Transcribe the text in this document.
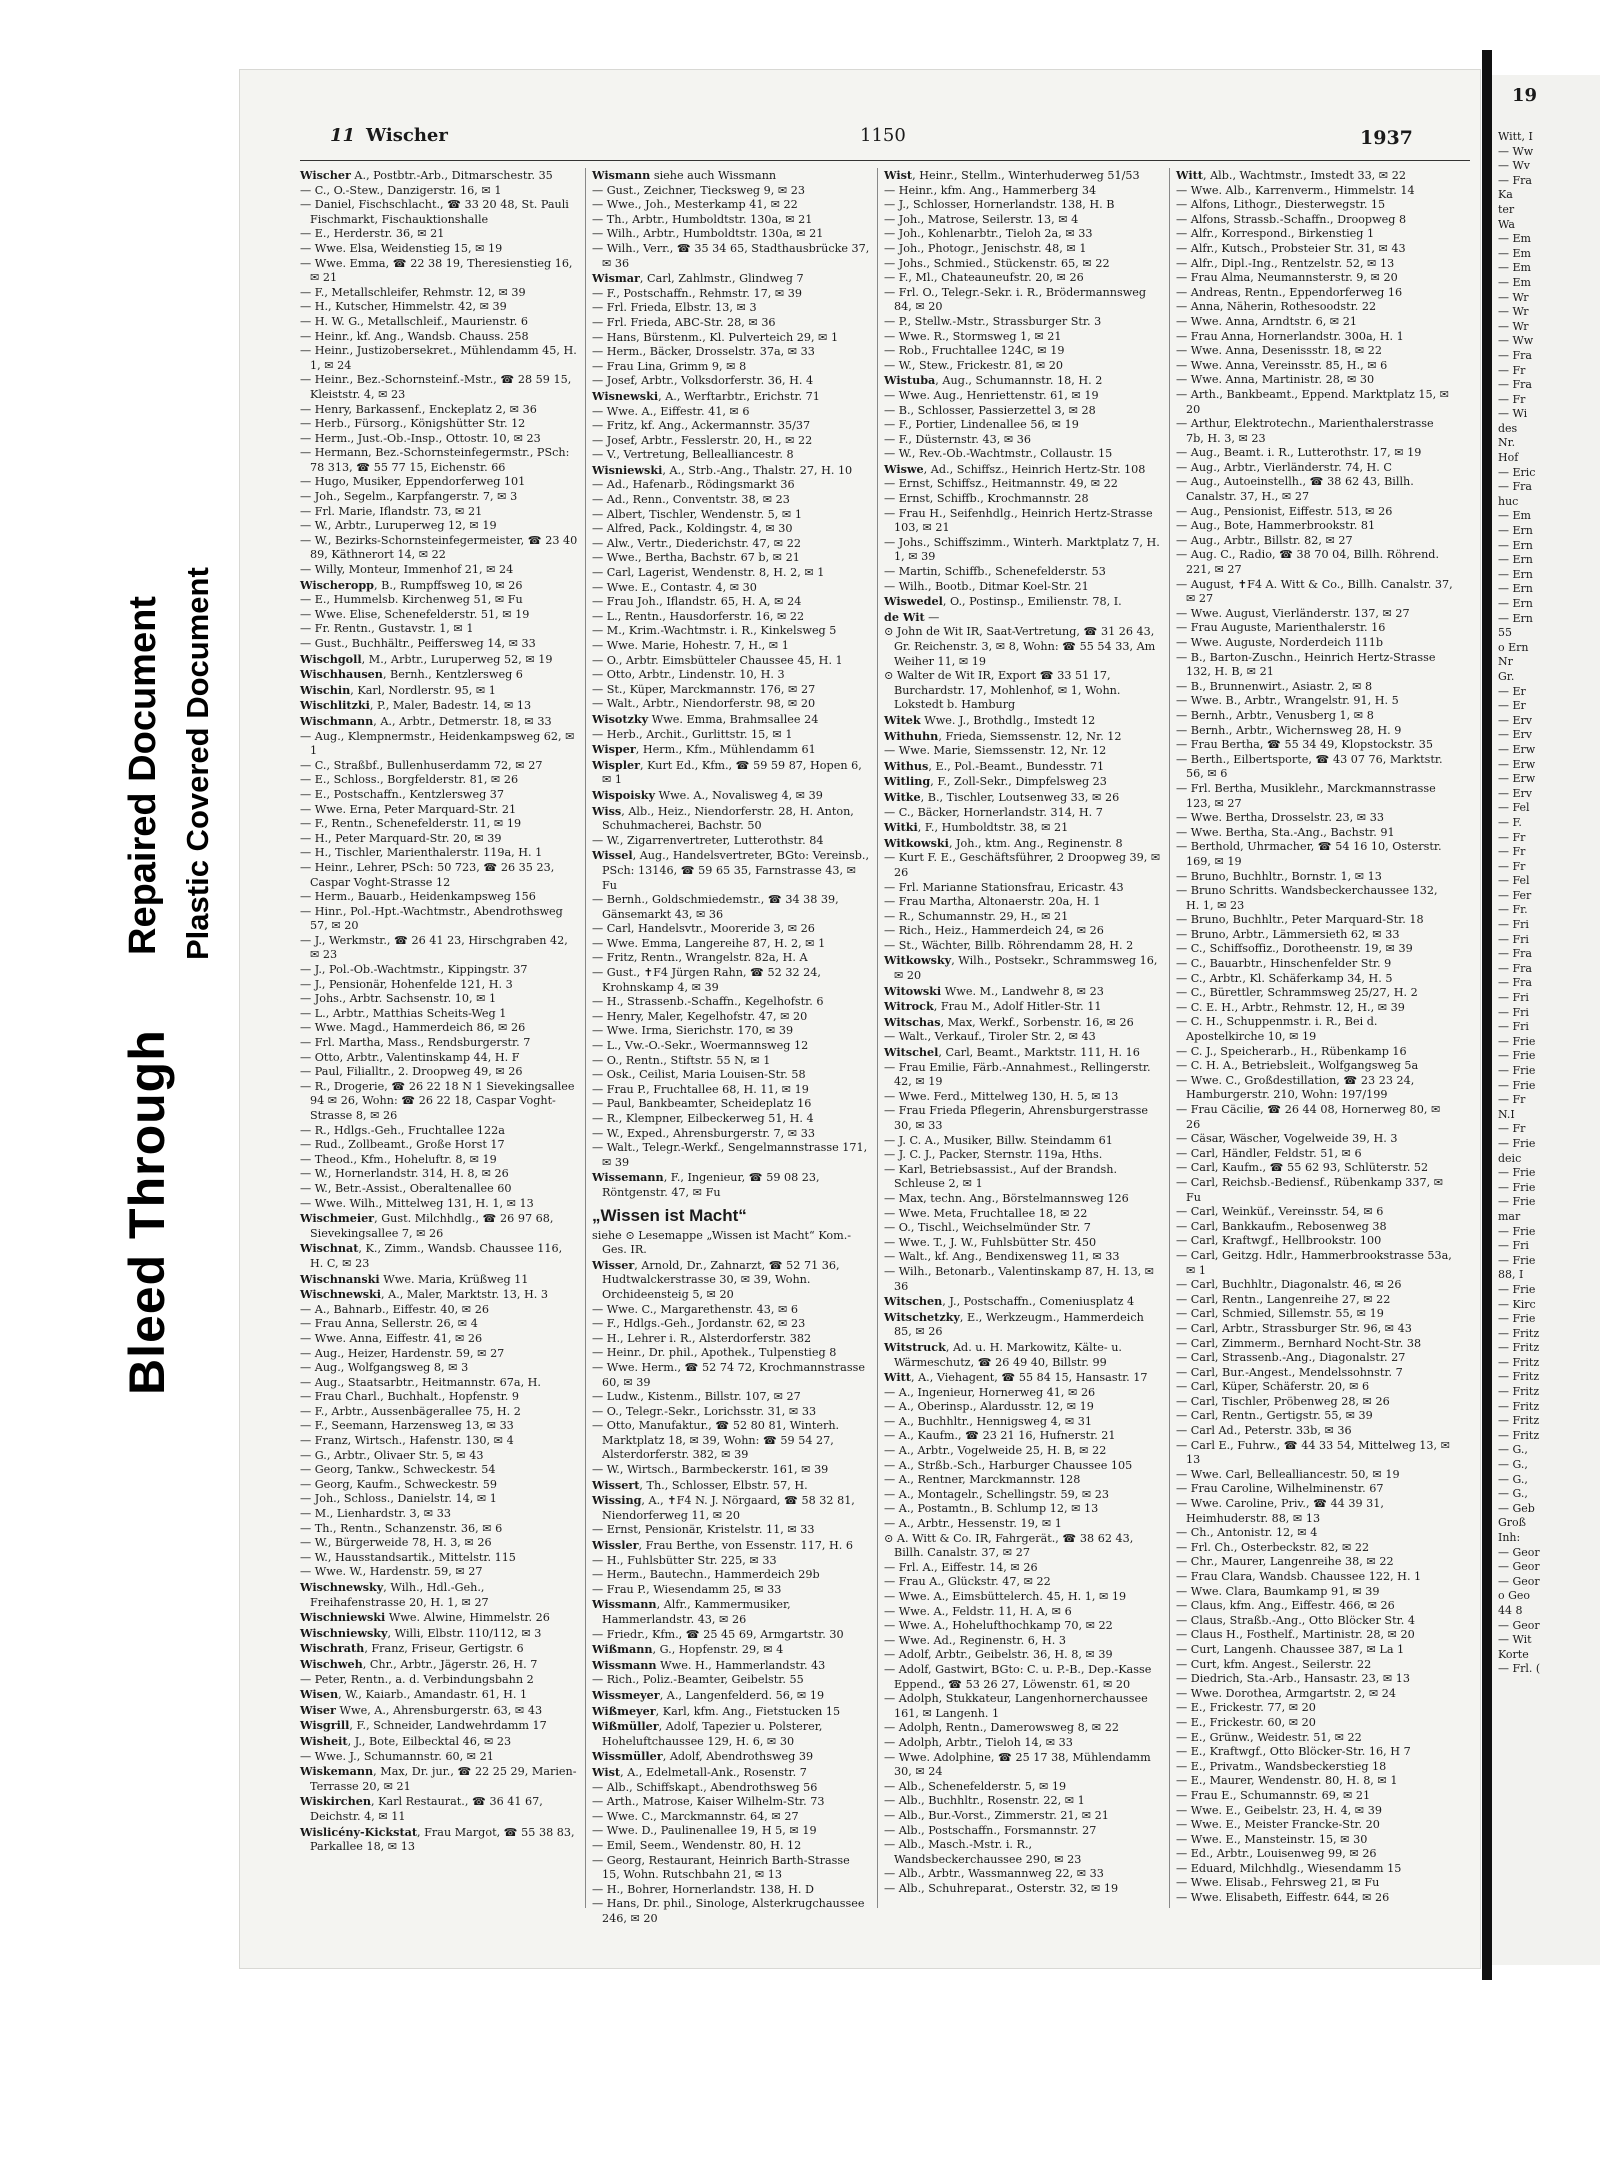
Bleed Through
Repaired Document Plastic Covered Document
19
Witt, I
— Ww
— Wv
— Fra
Ka
ter
Wa
— Em
— Em
— Em
— Em
— Wr
— Wr
— Wr
— Ww
— Fra
— Fr
— Fra
— Fr
— Wi
des
Nr.
Hof
— Eric
— Fra
huc
— Em
— Ern
— Ern
— Ern
— Ern
— Ern
— Ern
— Ern
55
o Ern
Nr
Gr.
— Er
— Er
— Erv
— Erv
— Erw
— Erw
— Erw
— Erv
— Fel
— F.
— Fr
— Fr
— Fr
— Fel
— Fer
— Fr.
— Fri
— Fri
— Fra
— Fra
— Fra
— Fri
— Fri
— Fri
— Frie
— Frie
— Frie
— Frie
— Fr
N.I
— Fr
— Frie
deic
— Frie
— Frie
— Frie
mar
— Frie
— Fri
— Frie
88, I
— Frie
— Kirc
— Frie
— Fritz
— Fritz
— Fritz
— Fritz
— Fritz
— Fritz
— Fritz
— Fritz
— G.,
— G.,
— G.,
— G.,
— Geb
Groß
Inh:
— Geor
— Geor
— Geor
o Geo
44 8
— Geor
— Wit
Korte
— Frl. (
11 Wischer	1150	1937

Wischer A., Postbtr.-Arb., Ditmarschestr. 35

— C., O.-Stew., Danzigerstr. 16, ✉ 1

— Daniel, Fischschlacht., ☎ 33 20 48, St. Pauli Fischmarkt, Fischauktionshalle

— E., Herderstr. 36, ✉ 21

— Wwe. Elsa, Weidenstieg 15, ✉ 19

— Wwe. Emma, ☎ 22 38 19, Theresienstieg 16, ✉ 21

— F., Metallschleifer, Rehmstr. 12, ✉ 39

— H., Kutscher, Himmelstr. 42, ✉ 39

— H. W. G., Metallschleif., Maurienstr. 6

— Heinr., kf. Ang., Wandsb. Chauss. 258

— Heinr., Justizobersekret., Mühlendamm 45, H. 1, ✉ 24

— Heinr., Bez.-Schornsteinf.-Mstr., ☎ 28 59 15, Kleiststr. 4, ✉ 23

— Henry, Barkassenf., Enckeplatz 2, ✉ 36

— Herb., Fürsorg., Königshütter Str. 12

— Herm., Just.-Ob.-Insp., Ottostr. 10, ✉ 23

— Hermann, Bez.-Schornsteinfegermstr., PSch: 78 313, ☎ 55 77 15, Eichenstr. 66

— Hugo, Musiker, Eppendorferweg 101

— Joh., Segelm., Karpfangerstr. 7, ✉ 3

— Frl. Marie, Iflandstr. 73, ✉ 21

— W., Arbtr., Luruperweg 12, ✉ 19

— W., Bezirks-Schornsteinfegermeister, ☎ 23 40 89, Käthnerort 14, ✉ 22

— Willy, Monteur, Immenhof 21, ✉ 24

Wischeropp, B., Rumpffsweg 10, ✉ 26

— E., Hummelsb. Kirchenweg 51, ✉ Fu

— Wwe. Elise, Schenefelderstr. 51, ✉ 19

— Fr. Rentn., Gustavstr. 1, ✉ 1

— Gust., Buchhältr., Peiffersweg 14, ✉ 33

Wischgoll, M., Arbtr., Luruperweg 52, ✉ 19

Wischhausen, Bernh., Kentzlersweg 6

Wischin, Karl, Nordlerstr. 95, ✉ 1

Wischlitzki, P., Maler, Badestr. 14, ✉ 13

Wischmann, A., Arbtr., Detmerstr. 18, ✉ 33

— Aug., Klempnermstr., Heidenkampsweg 62, ✉ 1

— C., Straßbf., Bullenhuserdamm 72, ✉ 27

— E., Schloss., Borgfelderstr. 81, ✉ 26

— E., Postschaffn., Kentzlersweg 37

— Wwe. Erna, Peter Marquard-Str. 21

— F., Rentn., Schenefelderstr. 11, ✉ 19

— H., Peter Marquard-Str. 20, ✉ 39

— H., Tischler, Marienthalerstr. 119a, H. 1

— Heinr., Lehrer, PSch: 50 723, ☎ 26 35 23, Caspar Voght-Strasse 12

— Herm., Bauarb., Heidenkampsweg 156

— Hinr., Pol.-Hpt.-Wachtmstr., Abendrothsweg 57, ✉ 20

— J., Werkmstr., ☎ 26 41 23, Hirschgraben 42, ✉ 23

— J., Pol.-Ob.-Wachtmstr., Kippingstr. 37

— J., Pensionär, Hohenfelde 121, H. 3

— Johs., Arbtr. Sachsenstr. 10, ✉ 1

— L., Arbtr., Matthias Scheits-Weg 1

— Wwe. Magd., Hammerdeich 86, ✉ 26

— Frl. Martha, Mass., Rendsburgerstr. 7

— Otto, Arbtr., Valentinskamp 44, H. F

— Paul, Filialltr., 2. Droopweg 49, ✉ 26

— R., Drogerie, ☎ 26 22 18 N 1 Sievekingsallee 94 ✉ 26, Wohn: ☎ 26 22 18, Caspar Voght-Strasse 8, ✉ 26

— R., Hdlgs.-Geh., Fruchtallee 122a

— Rud., Zollbeamt., Große Horst 17

— Theod., Kfm., Hoheluftr. 8, ✉ 19

— W., Hornerlandstr. 314, H. 8, ✉ 26

— W., Betr.-Assist., Oberaltenallee 60

— Wwe. Wilh., Mittelweg 131, H. 1, ✉ 13

Wischmeier, Gust. Milchhdlg., ☎ 26 97 68, Sievekingsallee 7, ✉ 26

Wischnat, K., Zimm., Wandsb. Chaussee 116, H. C, ✉ 23

Wischnanski Wwe. Maria, Krüßweg 11

Wischnewski, A., Maler, Marktstr. 13, H. 3

— A., Bahnarb., Eiffestr. 40, ✉ 26

— Frau Anna, Sellerstr. 26, ✉ 4

— Wwe. Anna, Eiffestr. 41, ✉ 26

— Aug., Heizer, Hardenstr. 59, ✉ 27

— Aug., Wolfgangsweg 8, ✉ 3

— Aug., Staatsarbtr., Heitmannstr. 67a, H.

— Frau Charl., Buchhalt., Hopfenstr. 9

— F., Arbtr., Aussenbägerallee 75, H. 2

— F., Seemann, Harzensweg 13, ✉ 33

— Franz, Wirtsch., Hafenstr. 130, ✉ 4

— G., Arbtr., Olivaer Str. 5, ✉ 43

— Georg, Tankw., Schweckestr. 54

— Georg, Kaufm., Schweckestr. 59

— Joh., Schloss., Danielstr. 14, ✉ 1

— M., Lienhardstr. 3, ✉ 33

— Th., Rentn., Schanzenstr. 36, ✉ 6

— W., Bürgerweide 78, H. 3, ✉ 26

— W., Hausstandsartik., Mittelstr. 115

— Wwe. W., Hardenstr. 59, ✉ 27

Wischnewsky, Wilh., Hdl.-Geh., Freihafenstrasse 20, H. 1, ✉ 27

Wischniewski Wwe. Alwine, Himmelstr. 26

Wischniewsky, Willi, Elbstr. 110/112, ✉ 3

Wischrath, Franz, Friseur, Gertigstr. 6

Wischweh, Chr., Arbtr., Jägerstr. 26, H. 7

— Peter, Rentn., a. d. Verbindungsbahn 2

Wisen, W., Kaiarb., Amandastr. 61, H. 1

Wiser Wwe, A., Ahrensburgerstr. 63, ✉ 43

Wisgrill, F., Schneider, Landwehrdamm 17

Wisheit, J., Bote, Eilbecktal 46, ✉ 23

— Wwe. J., Schumannstr. 60, ✉ 21

Wiskemann, Max, Dr. jur., ☎ 22 25 29, Marien-Terrasse 20, ✉ 21

Wiskirchen, Karl Restaurat., ☎ 36 41 67, Deichstr. 4, ✉ 11

Wislicény-Kickstat, Frau Margot, ☎ 55 38 83, Parkallee 18, ✉ 13

Wismann siehe auch Wissmann

— Gust., Zeichner, Tiecksweg 9, ✉ 23

— Wwe., Joh., Mesterkamp 41, ✉ 22

— Th., Arbtr., Humboldtstr. 130a, ✉ 21

— Wilh., Arbtr., Humboldtstr. 130a, ✉ 21

— Wilh., Verr., ☎ 35 34 65, Stadthausbrücke 37, ✉ 36

Wismar, Carl, Zahlmstr., Glindweg 7

— F., Postschaffn., Rehmstr. 17, ✉ 39

— Frl. Frieda, Elbstr. 13, ✉ 3

— Frl. Frieda, ABC-Str. 28, ✉ 36

— Hans, Bürstenm., Kl. Pulverteich 29, ✉ 1

— Herm., Bäcker, Drosselstr. 37a, ✉ 33

— Frau Lina, Grimm 9, ✉ 8

— Josef, Arbtr., Volksdorferstr. 36, H. 4

Wisnewski, A., Werftarbtr., Erichstr. 71

— Wwe. A., Eiffestr. 41, ✉ 6

— Fritz, kf. Ang., Ackermannstr. 35/37

— Josef, Arbtr., Fesslerstr. 20, H., ✉ 22

— V., Vertretung, Bellealliancestr. 8

Wisniewski, A., Strb.-Ang., Thalstr. 27, H. 10

— Ad., Hafenarb., Rödingsmarkt 36

— Ad., Renn., Conventstr. 38, ✉ 23

— Albert, Tischler, Wendenstr. 5, ✉ 1

— Alfred, Pack., Koldingstr. 4, ✉ 30

— Alw., Vertr., Diederichstr. 47, ✉ 22

— Wwe., Bertha, Bachstr. 67 b, ✉ 21

— Carl, Lagerist, Wendenstr. 8, H. 2, ✉ 1

— Wwe. E., Contastr. 4, ✉ 30

— Frau Joh., Iflandstr. 65, H. A, ✉ 24

— L., Rentn., Hausdorferstr. 16, ✉ 22

— M., Krim.-Wachtmstr. i. R., Kinkelsweg 5

— Wwe. Marie, Hohestr. 7, H., ✉ 1

— O., Arbtr. Eimsbütteler Chaussee 45, H. 1

— Otto, Arbtr., Lindenstr. 10, H. 3

— St., Küper, Marckmannstr. 176, ✉ 27

— Walt., Arbtr., Niendorferstr. 98, ✉ 20

Wisotzky Wwe. Emma, Brahmsallee 24

— Herb., Archit., Gurlittstr. 15, ✉ 1

Wisper, Herm., Kfm., Mühlendamm 61

Wispler, Kurt Ed., Kfm., ☎ 59 59 87, Hopen 6, ✉ 1

Wispoisky Wwe. A., Novalisweg 4, ✉ 39

Wiss, Alb., Heiz., Niendorferstr. 28, H. Anton, Schuhmacherei, Bachstr. 50

— W., Zigarrenvertreter, Lutterothstr. 84

Wissel, Aug., Handelsvertreter, BGto: Vereinsb., PSch: 13146, ☎ 59 65 35, Farnstrasse 43, ✉ Fu

— Bernh., Goldschmiedemstr., ☎ 34 38 39, Gänsemarkt 43, ✉ 36

— Carl, Handelsvtr., Mooreride 3, ✉ 26

— Wwe. Emma, Langereihe 87, H. 2, ✉ 1

— Fritz, Rentn., Wrangelstr. 82a, H. A

— Gust., ✝F4 Jürgen Rahn, ☎ 52 32 24, Krohnskamp 4, ✉ 39

— H., Strassenb.-Schaffn., Kegelhofstr. 6

— Henry, Maler, Kegelhofstr. 47, ✉ 20

— Wwe. Irma, Sierichstr. 170, ✉ 39

— L., Vw.-O.-Sekr., Woermannsweg 12

— O., Rentn., Stiftstr. 55 N, ✉ 1

— Osk., Ceilist, Maria Louisen-Str. 58

— Frau P., Fruchtallee 68, H. 11, ✉ 19

— Paul, Bankbeamter, Scheideplatz 16

— R., Klempner, Eilbeckerweg 51, H. 4

— W., Exped., Ahrensburgerstr. 7, ✉ 33

— Walt., Telegr.-Werkf., Sengelmannstrasse 171, ✉ 39

Wissemann, F., Ingenieur, ☎ 59 08 23, Röntgenstr. 47, ✉ Fu

„Wissen ist Macht“

siehe ⊙ Lesemappe „Wissen ist Macht“ Kom.-Ges. IR.

Wisser, Arnold, Dr., Zahnarzt, ☎ 52 71 36, Hudtwalckerstrasse 30, ✉ 39, Wohn. Orchideensteig 5, ✉ 20

— Wwe. C., Margarethenstr. 43, ✉ 6

— F., Hdlgs.-Geh., Jordanstr. 62, ✉ 23

— H., Lehrer i. R., Alsterdorferstr. 382

— Heinr., Dr. phil., Apothek., Tulpenstieg 8

— Wwe. Herm., ☎ 52 74 72, Krochmannstrasse 60, ✉ 39

— Ludw., Kistenm., Billstr. 107, ✉ 27

— O., Telegr.-Sekr., Lorichsstr. 31, ✉ 33

— Otto, Manufaktur., ☎ 52 80 81, Winterh. Marktplatz 18, ✉ 39, Wohn: ☎ 59 54 27, Alsterdorferstr. 382, ✉ 39

— W., Wirtsch., Barmbeckerstr. 161, ✉ 39

Wissert, Th., Schlosser, Elbstr. 57, H.

Wissing, A., ✝F4 N. J. Nörgaard, ☎ 58 32 81, Niendorferweg 11, ✉ 20

— Ernst, Pensionär, Kristelstr. 11, ✉ 33

Wissler, Frau Berthe, von Essenstr. 117, H. 6

— H., Fuhlsbütter Str. 225, ✉ 33

— Herm., Bautechn., Hammerdeich 29b

— Frau P., Wiesendamm 25, ✉ 33

Wissmann, Alfr., Kammermusiker, Hammerlandstr. 43, ✉ 26

— Friedr., Kfm., ☎ 25 45 69, Armgartstr. 30

Wißmann, G., Hopfenstr. 29, ✉ 4

Wissmann Wwe. H., Hammerlandstr. 43

— Rich., Poliz.-Beamter, Geibelstr. 55

Wissmeyer, A., Langenfelderd. 56, ✉ 19

Wißmeyer, Karl, kfm. Ang., Fietstucken 15

Wißmüller, Adolf, Tapezier u. Polsterer, Hoheluftchaussee 129, H. 6, ✉ 30

Wissmüller, Adolf, Abendrothsweg 39

Wist, A., Edelmetall-Ank., Rosenstr. 7

— Alb., Schiffskapt., Abendrothsweg 56

— Arth., Matrose, Kaiser Wilhelm-Str. 73

— Wwe. C., Marckmannstr. 64, ✉ 27

— Wwe. D., Paulinenallee 19, H 5, ✉ 19

— Emil, Seem., Wendenstr. 80, H. 12

— Georg, Restaurant, Heinrich Barth-Strasse 15, Wohn. Rutschbahn 21, ✉ 13

— H., Bohrer, Hornerlandstr. 138, H. D

— Hans, Dr. phil., Sinologe, Alsterkrugchaussee 246, ✉ 20

Wist, Heinr., Stellm., Winterhuderweg 51/53

— Heinr., kfm. Ang., Hammerberg 34

— J., Schlosser, Hornerlandstr. 138, H. B

— Joh., Matrose, Seilerstr. 13, ✉ 4

— Joh., Kohlenarbtr., Tieloh 2a, ✉ 33

— Joh., Photogr., Jenischstr. 48, ✉ 1

— Johs., Schmied., Stückenstr. 65, ✉ 22

— F., Ml., Chateauneufstr. 20, ✉ 26

— Frl. O., Telegr.-Sekr. i. R., Brödermannsweg 84, ✉ 20

— P., Stellw.-Mstr., Strassburger Str. 3

— Wwe. R., Stormsweg 1, ✉ 21

— Rob., Fruchtallee 124C, ✉ 19

— W., Stew., Frickestr. 81, ✉ 20

Wistuba, Aug., Schumannstr. 18, H. 2

— Wwe. Aug., Henriettenstr. 61, ✉ 19

— B., Schlosser, Passierzettel 3, ✉ 28

— F., Portier, Lindenallee 56, ✉ 19

— F., Düsternstr. 43, ✉ 36

— W., Rev.-Ob.-Wachtmstr., Collaustr. 15

Wiswe, Ad., Schiffsz., Heinrich Hertz-Str. 108

— Ernst, Schiffsz., Heitmannstr. 49, ✉ 22

— Ernst, Schiffb., Krochmannstr. 28

— Frau H., Seifenhdlg., Heinrich Hertz-Strasse 103, ✉ 21

— Johs., Schiffszimm., Winterh. Marktplatz 7, H. 1, ✉ 39

— Martin, Schiffb., Schenefelderstr. 53

— Wilh., Bootb., Ditmar Koel-Str. 21

Wiswedel, O., Postinsp., Emilienstr. 78, I.

de Wit —

⊙ John de Wit IR, Saat-Vertretung, ☎ 31 26 43, Gr. Reichenstr. 3, ✉ 8, Wohn: ☎ 55 54 33, Am Weiher 11, ✉ 19

⊙ Walter de Wit IR, Export ☎ 33 51 17, Burchardstr. 17, Mohlenhof, ✉ 1, Wohn. Lokstedt b. Hamburg

Witek Wwe. J., Brothdlg., Imstedt 12

Withuhn, Frieda, Siemssenstr. 12, Nr. 12

— Wwe. Marie, Siemssenstr. 12, Nr. 12

Withus, E., Pol.-Beamt., Bundesstr. 71

Witling, F., Zoll-Sekr., Dimpfelsweg 23

Witke, B., Tischler, Loutsenweg 33, ✉ 26

— C., Bäcker, Hornerlandstr. 314, H. 7

Witki, F., Humboldtstr. 38, ✉ 21

Witkowski, Joh., ktm. Ang., Reginenstr. 8

— Kurt F. E., Geschäftsführer, 2 Droopweg 39, ✉ 26

— Frl. Marianne Stationsfrau, Ericastr. 43

— Frau Martha, Altonaerstr. 20a, H. 1

— R., Schumannstr. 29, H., ✉ 21

— Rich., Heiz., Hammerdeich 24, ✉ 26

— St., Wächter, Billb. Röhrendamm 28, H. 2

Witkowsky, Wilh., Postsekr., Schrammsweg 16, ✉ 20

Witowski Wwe. M., Landwehr 8, ✉ 23

Witrock, Frau M., Adolf Hitler-Str. 11

Witschas, Max, Werkf., Sorbenstr. 16, ✉ 26

— Walt., Verkauf., Tiroler Str. 2, ✉ 43

Witschel, Carl, Beamt., Marktstr. 111, H. 16

— Frau Emilie, Färb.-Annahmest., Rellingerstr. 42, ✉ 19

— Wwe. Ferd., Mittelweg 130, H. 5, ✉ 13

— Frau Frieda Pflegerin, Ahrensburgerstrasse 30, ✉ 33

— J. C. A., Musiker, Billw. Steindamm 61

— J. C. J., Packer, Sternstr. 119a, Hths.

— Karl, Betriebsassist., Auf der Brandsh. Schleuse 2, ✉ 1

— Max, techn. Ang., Börstelmannsweg 126

— Wwe. Meta, Fruchtallee 18, ✉ 22

— O., Tischl., Weichselmünder Str. 7

— Wwe. T., J. W., Fuhlsbütter Str. 450

— Walt., kf. Ang., Bendixensweg 11, ✉ 33

— Wilh., Betonarb., Valentinskamp 87, H. 13, ✉ 36

Witschen, J., Postschaffn., Comeniusplatz 4

Witschetzky, E., Werkzeugm., Hammerdeich 85, ✉ 26

Witstruck, Ad. u. H. Markowitz, Kälte- u. Wärmeschutz, ☎ 26 49 40, Billstr. 99

Witt, A., Viehagent, ☎ 55 84 15, Hansastr. 17

— A., Ingenieur, Hornerweg 41, ✉ 26

— A., Oberinsp., Alardusstr. 12, ✉ 19

— A., Buchhltr., Hennigsweg 4, ✉ 31

— A., Kaufm., ☎ 23 21 16, Hufnerstr. 21

— A., Arbtr., Vogelweide 25, H. B, ✉ 22

— A., Strßb.-Sch., Harburger Chaussee 105

— A., Rentner, Marckmannstr. 128

— A., Montagelr., Schellingstr. 59, ✉ 23

— A., Postamtn., B. Schlump 12, ✉ 13

— A., Arbtr., Hessenstr. 19, ✉ 1

⊙ A. Witt & Co. IR, Fahrgerät., ☎ 38 62 43, Billh. Canalstr. 37, ✉ 27

— Frl. A., Eiffestr. 14, ✉ 26

— Frau A., Glückstr. 47, ✉ 22

— Wwe. A., Eimsbüttelerch. 45, H. 1, ✉ 19

— Wwe. A., Feldstr. 11, H. A, ✉ 6

— Wwe. A., Hohelufthochkamp 70, ✉ 22

— Wwe. Ad., Reginenstr. 6, H. 3

— Adolf, Arbtr., Geibelstr. 36, H. 8, ✉ 39

— Adolf, Gastwirt, BGto: C. u. P.-B., Dep.-Kasse Eppend., ☎ 53 26 27, Löwenstr. 61, ✉ 20

— Adolph, Stukkateur, Langenhornerchaussee 161, ✉ Langenh. 1

— Adolph, Rentn., Damerowsweg 8, ✉ 22

— Adolph, Arbtr., Tieloh 14, ✉ 33

— Wwe. Adolphine, ☎ 25 17 38, Mühlendamm 30, ✉ 24

— Alb., Schenefelderstr. 5, ✉ 19

— Alb., Buchhltr., Rosenstr. 22, ✉ 1

— Alb., Bur.-Vorst., Zimmerstr. 21, ✉ 21

— Alb., Postschaffn., Forsmannstr. 27

— Alb., Masch.-Mstr. i. R., Wandsbeckerchaussee 290, ✉ 23

— Alb., Arbtr., Wassmannweg 22, ✉ 33

— Alb., Schuhreparat., Osterstr. 32, ✉ 19

Witt, Alb., Wachtmstr., Imstedt 33, ✉ 22

— Wwe. Alb., Karrenverm., Himmelstr. 14

— Alfons, Lithogr., Diesterwegstr. 15

— Alfons, Strassb.-Schaffn., Droopweg 8

— Alfr., Korrespond., Birkenstieg 1

— Alfr., Kutsch., Probsteier Str. 31, ✉ 43

— Alfr., Dipl.-Ing., Rentzelstr. 52, ✉ 13

— Frau Alma, Neumannsterstr. 9, ✉ 20

— Andreas, Rentn., Eppendorferweg 16

— Anna, Näherin, Rothesoodstr. 22

— Wwe. Anna, Arndtstr. 6, ✉ 21

— Frau Anna, Hornerlandstr. 300a, H. 1

— Wwe. Anna, Desenissstr. 18, ✉ 22

— Wwe. Anna, Vereinsstr. 85, H., ✉ 6

— Wwe. Anna, Martinistr. 28, ✉ 30

— Arth., Bankbeamt., Eppend. Marktplatz 15, ✉ 20

— Arthur, Elektrotechn., Marienthalerstrasse 7b, H. 3, ✉ 23

— Aug., Beamt. i. R., Lutterothstr. 17, ✉ 19

— Aug., Arbtr., Vierländerstr. 74, H. C

— Aug., Autoeinstellh., ☎ 38 62 43, Billh. Canalstr. 37, H., ✉ 27

— Aug., Pensionist, Eiffestr. 513, ✉ 26

— Aug., Bote, Hammerbrookstr. 81

— Aug., Arbtr., Billstr. 82, ✉ 27

— Aug. C., Radio, ☎ 38 70 04, Billh. Röhrend. 221, ✉ 27

— August, ✝F4 A. Witt & Co., Billh. Canalstr. 37, ✉ 27

— Wwe. August, Vierländerstr. 137, ✉ 27

— Frau Auguste, Marienthalerstr. 16

— Wwe. Auguste, Norderdeich 111b

— B., Barton-Zuschn., Heinrich Hertz-Strasse 132, H. B, ✉ 21

— B., Brunnenwirt., Asiastr. 2, ✉ 8

— Wwe. B., Arbtr., Wrangelstr. 91, H. 5

— Bernh., Arbtr., Venusberg 1, ✉ 8

— Bernh., Arbtr., Wichernsweg 28, H. 9

— Frau Bertha, ☎ 55 34 49, Klopstockstr. 35

— Berth., Eilbertsporte, ☎ 43 07 76, Marktstr. 56, ✉ 6

— Frl. Bertha, Musiklehr., Marckmannstrasse 123, ✉ 27

— Wwe. Bertha, Drosselstr. 23, ✉ 33

— Wwe. Bertha, Sta.-Ang., Bachstr. 91

— Berthold, Uhrmacher, ☎ 54 16 10, Osterstr. 169, ✉ 19

— Bruno, Buchhltr., Bornstr. 1, ✉ 13

— Bruno Schritts. Wandsbeckerchaussee 132, H. 1, ✉ 23

— Bruno, Buchhltr., Peter Marquard-Str. 18

— Bruno, Arbtr., Lämmersieth 62, ✉ 33

— C., Schiffsoffiz., Dorotheenstr. 19, ✉ 39

— C., Bauarbtr., Hinschenfelder Str. 9

— C., Arbtr., Kl. Schäferkamp 34, H. 5

— C., Bürettler, Schrammsweg 25/27, H. 2

— C. E. H., Arbtr., Rehmstr. 12, H., ✉ 39

— C. H., Schuppenmstr. i. R., Bei d. Apostelkirche 10, ✉ 19

— C. J., Speicherarb., H., Rübenkamp 16

— C. H. A., Betriebsleit., Wolfgangsweg 5a

— Wwe. C., Großdestillation, ☎ 23 23 24, Hamburgerstr. 210, Wohn: 197/199

— Frau Cäcilie, ☎ 26 44 08, Hornerweg 80, ✉ 26

— Cäsar, Wäscher, Vogelweide 39, H. 3

— Carl, Händler, Feldstr. 51, ✉ 6

— Carl, Kaufm., ☎ 55 62 93, Schlüterstr. 52

— Carl, Reichsb.-Bediensf., Rübenkamp 337, ✉ Fu

— Carl, Weinküf., Vereinsstr. 54, ✉ 6

— Carl, Bankkaufm., Rebosenweg 38

— Carl, Kraftwgf., Hellbrookstr. 100

— Carl, Geitzg. Hdlr., Hammerbrookstrasse 53a, ✉ 1

— Carl, Buchhltr., Diagonalstr. 46, ✉ 26

— Carl, Rentn., Langenreihe 27, ✉ 22

— Carl, Schmied, Sillemstr. 55, ✉ 19

— Carl, Arbtr., Strassburger Str. 96, ✉ 43

— Carl, Zimmerm., Bernhard Nocht-Str. 38

— Carl, Strassenb.-Ang., Diagonalstr. 27

— Carl, Bur.-Angest., Mendelssohnstr. 7

— Carl, Küper, Schäferstr. 20, ✉ 6

— Carl, Tischler, Pröbenweg 28, ✉ 26

— Carl, Rentn., Gertigstr. 55, ✉ 39

— Carl Ad., Peterstr. 33b, ✉ 36

— Carl E., Fuhrw., ☎ 44 33 54, Mittelweg 13, ✉ 13

— Wwe. Carl, Bellealliancestr. 50, ✉ 19

— Frau Caroline, Wilhelminenstr. 67

— Wwe. Caroline, Priv., ☎ 44 39 31, Heimhuderstr. 88, ✉ 13

— Ch., Antonistr. 12, ✉ 4

— Frl. Ch., Osterbeckstr. 82, ✉ 22

— Chr., Maurer, Langenreihe 38, ✉ 22

— Frau Clara, Wandsb. Chaussee 122, H. 1

— Wwe. Clara, Baumkamp 91, ✉ 39

— Claus, kfm. Ang., Eiffestr. 466, ✉ 26

— Claus, Straßb.-Ang., Otto Blöcker Str. 4

— Claus H., Fosthelf., Martinistr. 28, ✉ 20

— Curt, Langenh. Chaussee 387, ✉ La 1

— Curt, kfm. Angest., Seilerstr. 22

— Diedrich, Sta.-Arb., Hansastr. 23, ✉ 13

— Wwe. Dorothea, Armgartstr. 2, ✉ 24

— E., Frickestr. 77, ✉ 20

— E., Frickestr. 60, ✉ 20

— E., Grünw., Weidestr. 51, ✉ 22

— E., Kraftwgf., Otto Blöcker-Str. 16, H 7

— E., Privatm., Wandsbeckerstieg 18

— E., Maurer, Wendenstr. 80, H. 8, ✉ 1

— Frau E., Schumannstr. 69, ✉ 21

— Wwe. E., Geibelstr. 23, H. 4, ✉ 39

— Wwe. E., Meister Francke-Str. 20

— Wwe. E., Mansteinstr. 15, ✉ 30

— Ed., Arbtr., Louisenweg 99, ✉ 26

— Eduard, Milchhdlg., Wiesendamm 15

— Wwe. Elisab., Fehrsweg 21, ✉ Fu

— Wwe. Elisabeth, Eiffestr. 644, ✉ 26
